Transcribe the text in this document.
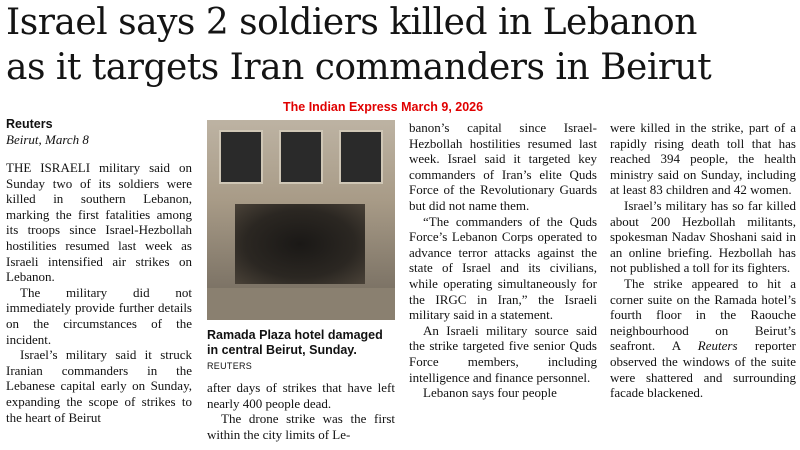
Israel says 2 soldiers killed in Lebanon
as it targets Iran commanders in Beirut
The Indian Express March 9, 2026
Reuters
Beirut, March 8

THE ISRAELI military said on Sunday two of its soldiers were killed in southern Lebanon, marking the first fatalities among its troops since Israel-Hezbollah hostilities resumed last week as Israeli intensified air strikes on Lebanon.

The military did not immediately provide further details on the circumstances of the incident.

Israel’s military said it struck Iranian commanders in the Lebanese capital early on Sunday, expanding the scope of strikes to the heart of Beirut

Ramada Plaza hotel damaged in central Beirut, Sunday. REUTERS

after days of strikes that have left nearly 400 people dead.

The drone strike was the first within the city limits of Le-

banon’s capital since Israel-Hezbollah hostilities resumed last week. Israel said it targeted key commanders of Iran’s elite Quds Force of the Revolutionary Guards but did not name them.

“The commanders of the Quds Force’s Lebanon Corps operated to advance terror attacks against the state of Israel and its civilians, while operating simultaneously for the IRGC in Iran,” the Israeli military said in a statement.

An Israeli military source said the strike targeted five senior Quds Force members, including intelligence and finance personnel.

Lebanon says four people

were killed in the strike, part of a rapidly rising death toll that has reached 394 people, the health ministry said on Sunday, including at least 83 children and 42 women.

Israel’s military has so far killed about 200 Hezbollah militants, spokesman Nadav Shoshani said in an online briefing. Hezbollah has not published a toll for its fighters.

The strike appeared to hit a corner suite on the Ramada hotel’s fourth floor in the Raouche neighbourhood on Beirut’s seafront. A Reuters reporter observed the windows of the suite were shattered and surrounding facade blackened.
